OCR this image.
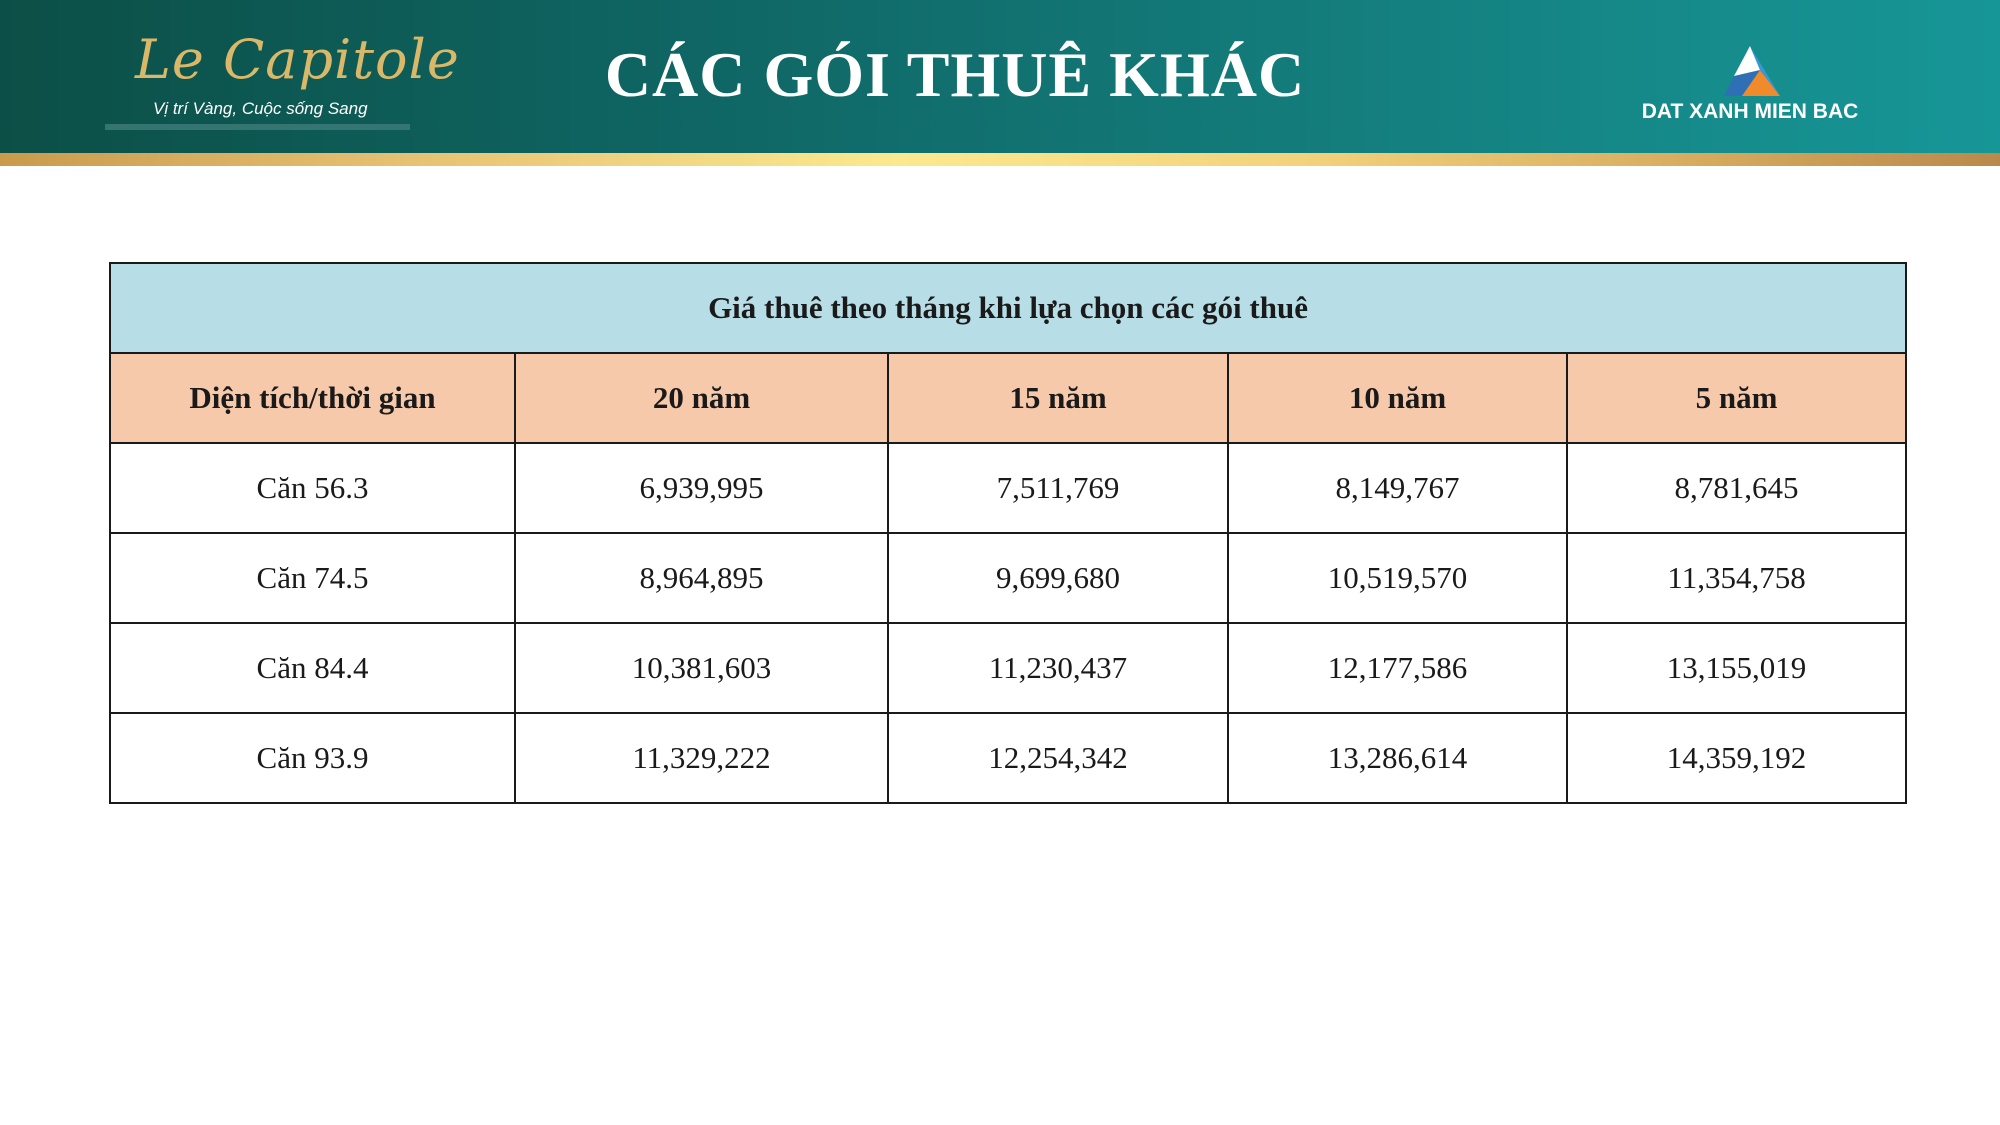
Le Capitole
Vị trí Vàng, Cuộc sống Sang	CÁC GÓI THUÊ KHÁC
DAT XANH MIEN BAC
Giá thuê theo tháng khi lựa chọn các gói thuê				
Diện tích/thời gian	20 năm	15 năm	10 năm	5 năm
Căn 56.3	6,939,995	7,511,769	8,149,767	8,781,645
Căn 74.5	8,964,895	9,699,680	10,519,570	11,354,758
Căn 84.4	10,381,603	11,230,437	12,177,586	13,155,019
Căn 93.9	11,329,222	12,254,342	13,286,614	14,359,192
